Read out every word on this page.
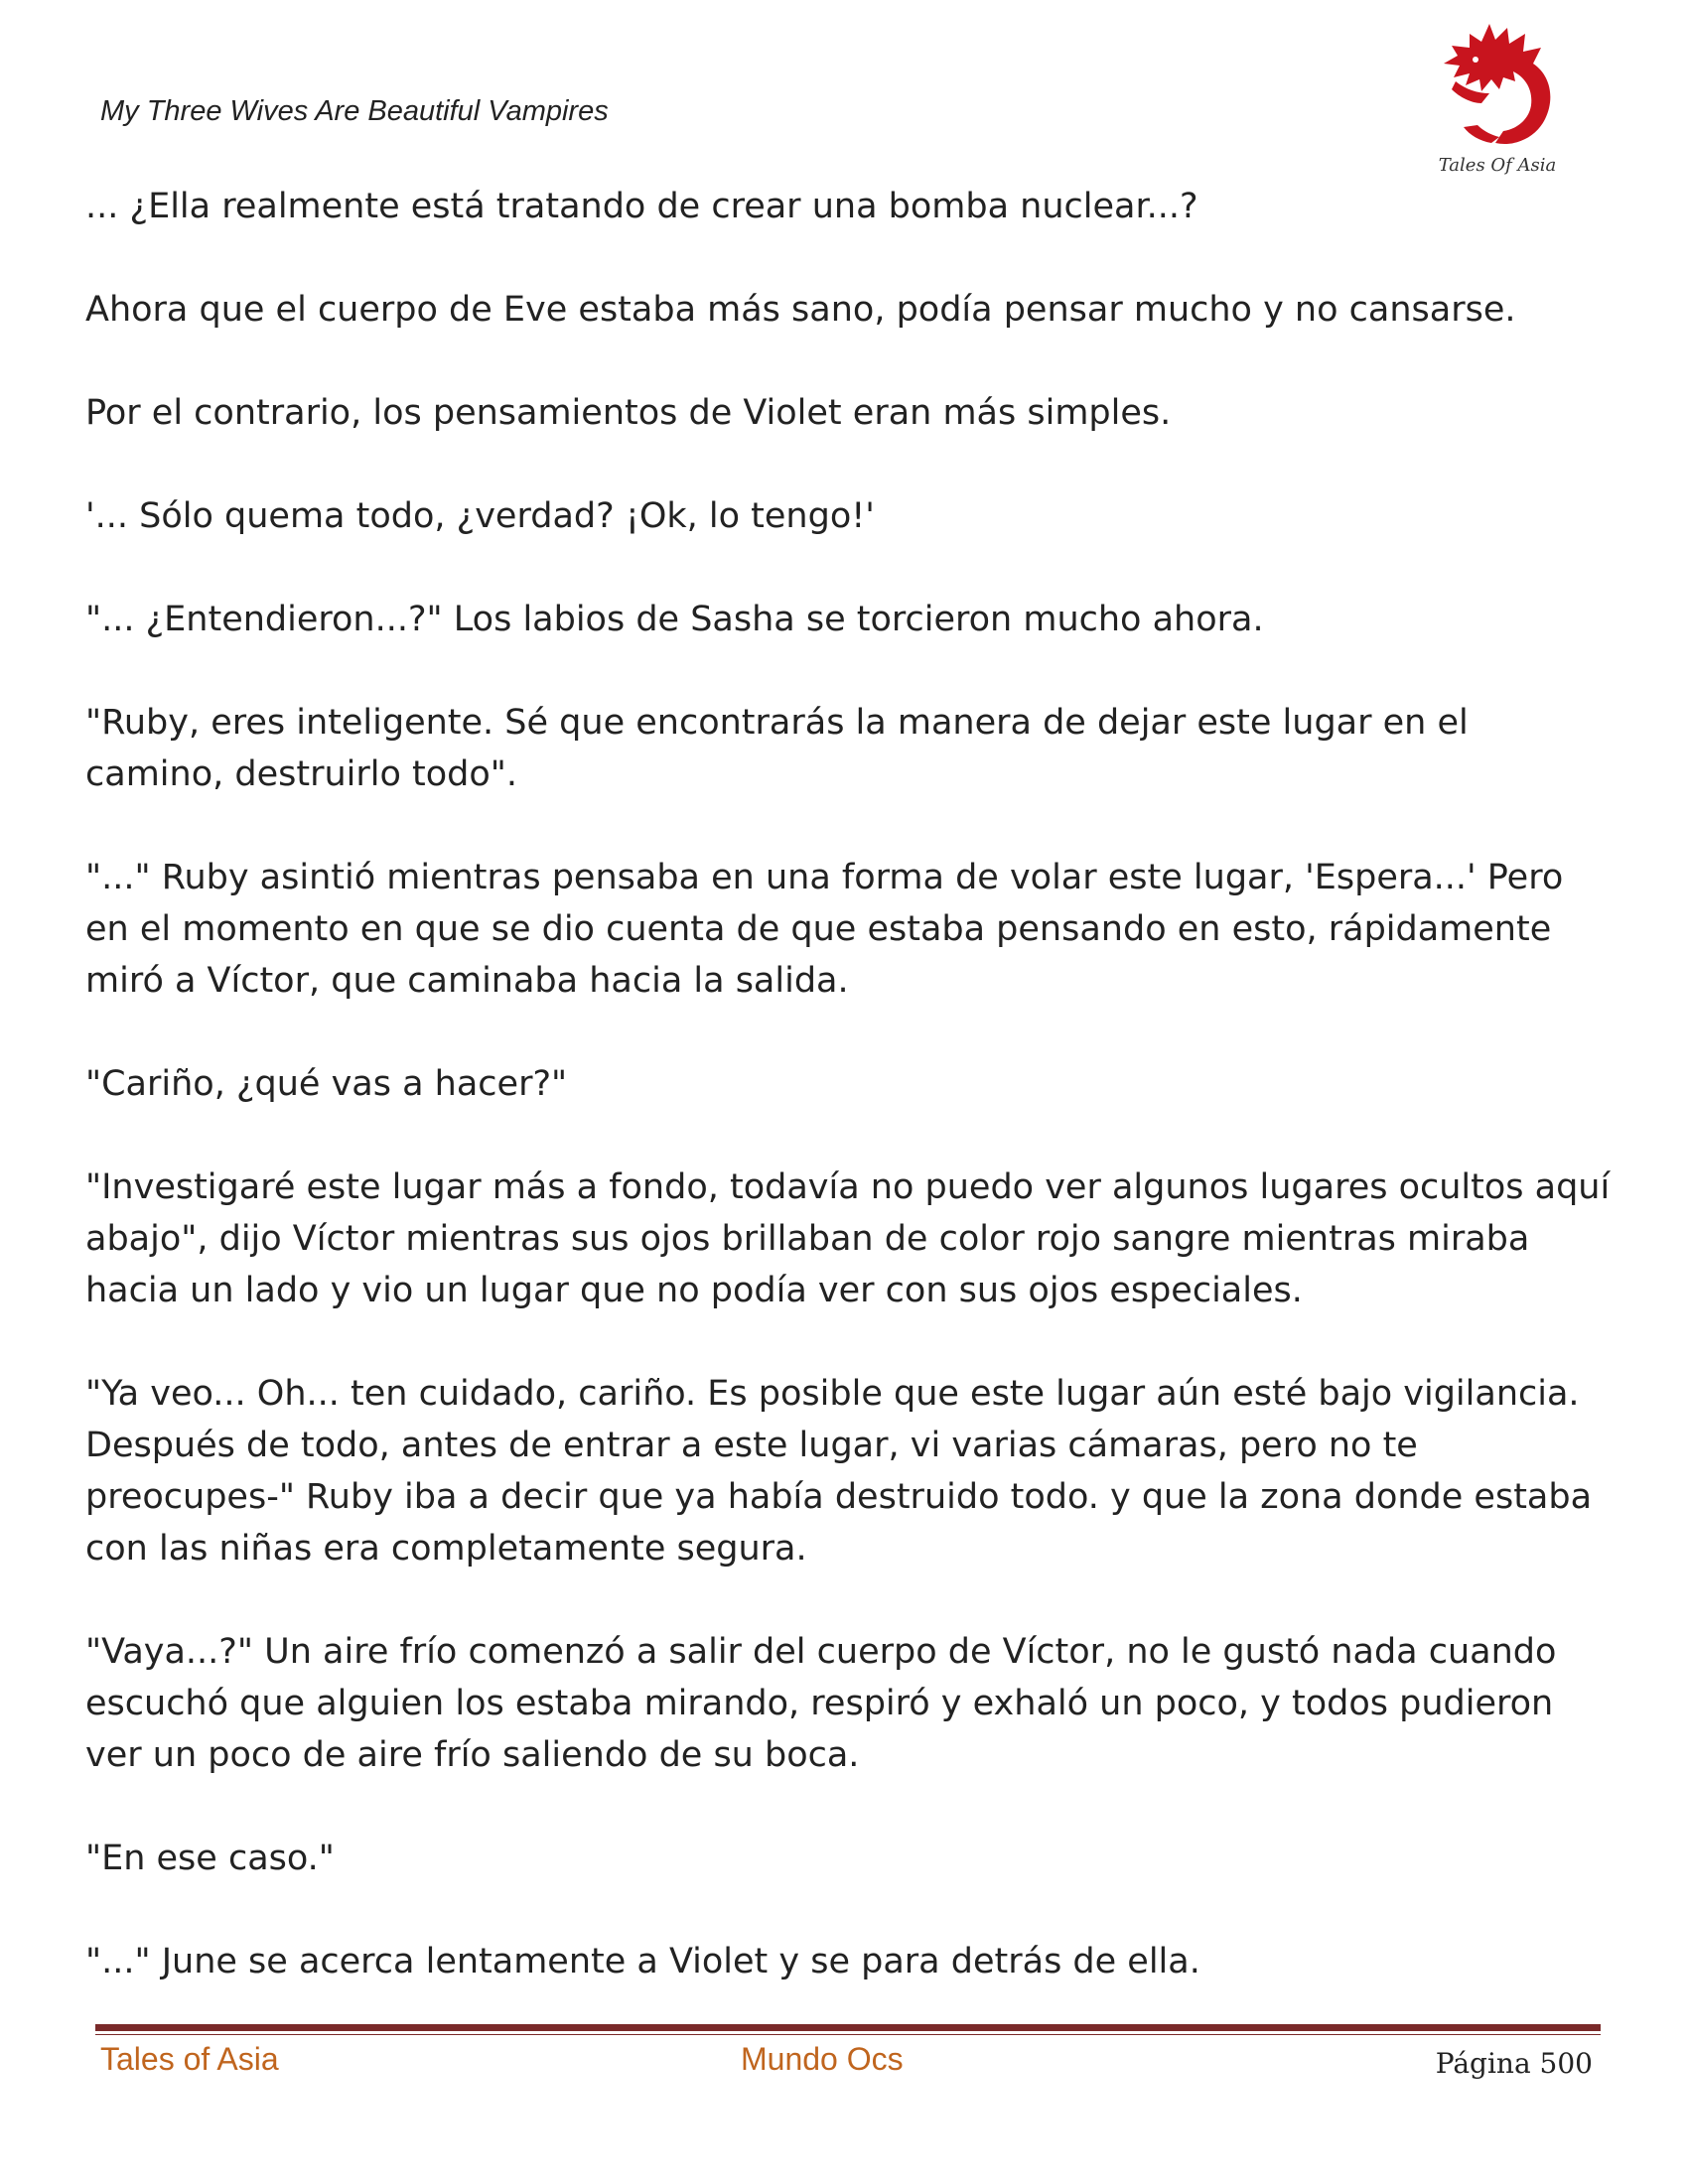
My Three Wives Are Beautiful Vampires
Tales Of Asia

... ¿Ella realmente está tratando de crear una bomba nuclear...?

Ahora que el cuerpo de Eve estaba más sano, podía pensar mucho y no cansarse.

Por el contrario, los pensamientos de Violet eran más simples.

'... Sólo quema todo, ¿verdad? ¡Ok, lo tengo!'

"... ¿Entendieron...?" Los labios de Sasha se torcieron mucho ahora.

"Ruby, eres inteligente. Sé que encontrarás la manera de dejar este lugar en el camino, destruirlo todo".

"..." Ruby asintió mientras pensaba en una forma de volar este lugar, 'Espera...' Pero en el momento en que se dio cuenta de que estaba pensando en esto, rápidamente miró a Víctor, que caminaba hacia la salida.

"Cariño, ¿qué vas a hacer?"

"Investigaré este lugar más a fondo, todavía no puedo ver algunos lugares ocultos aquí abajo", dijo Víctor mientras sus ojos brillaban de color rojo sangre mientras miraba hacia un lado y vio un lugar que no podía ver con sus ojos especiales.

"Ya veo... Oh... ten cuidado, cariño. Es posible que este lugar aún esté bajo vigilancia. Después de todo, antes de entrar a este lugar, vi varias cámaras, pero no te preocupes-" Ruby iba a decir que ya había destruido todo. y que la zona donde estaba con las niñas era completamente segura.

"Vaya...?" Un aire frío comenzó a salir del cuerpo de Víctor, no le gustó nada cuando escuchó que alguien los estaba mirando, respiró y exhaló un poco, y todos pudieron ver un poco de aire frío saliendo de su boca.

"En ese caso."

"..." June se acerca lentamente a Violet y se para detrás de ella.

Tales of Asia	Mundo Ocs	Página 500
